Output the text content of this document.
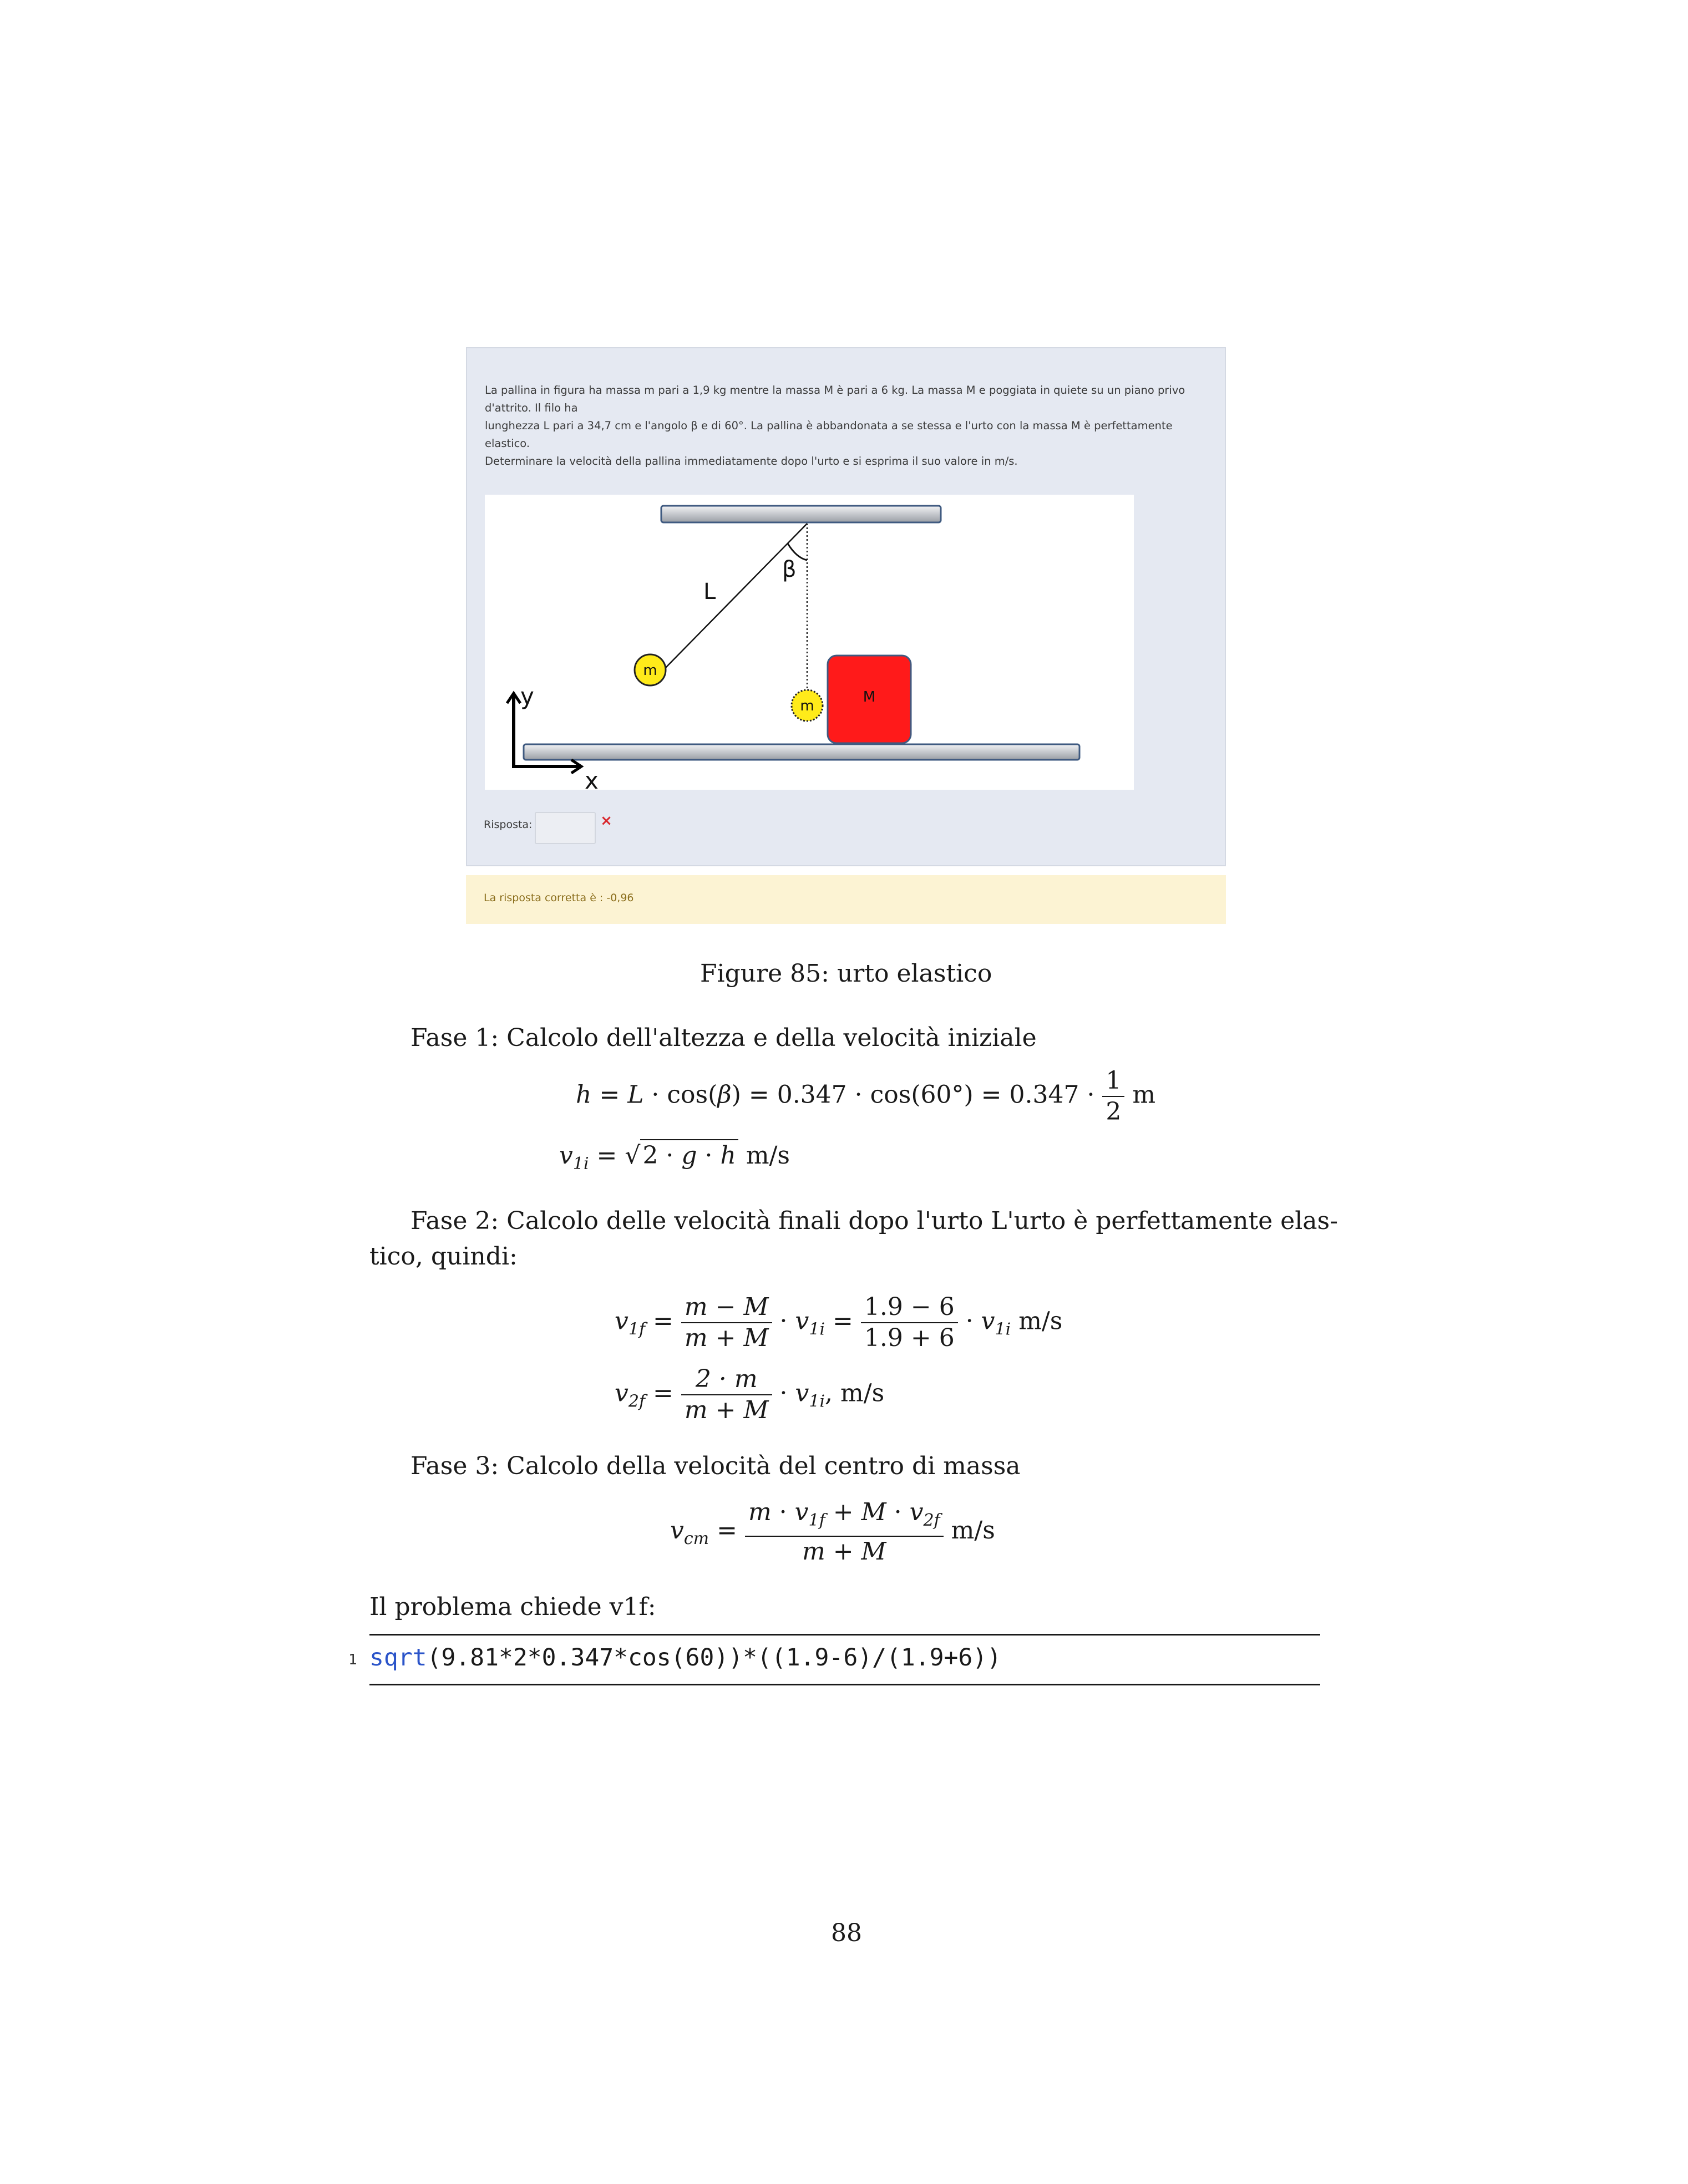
La pallina in figura ha massa m pari a 1,9 kg mentre la massa M è pari a 6 kg. La massa M e poggiata in quiete su un piano privo d'attrito. Il filo ha

lunghezza L pari a 34,7 cm e l'angolo β e di 60°. La pallina è abbandonata a se stessa e l'urto con la massa M è perfettamente elastico.

Determinare la velocità della pallina immediatamente dopo l'urto e si esprima il suo valore in m/s.

β
L
m
m
M
y
x
Risposta:	×
La risposta corretta è : -0,96
Figure 85: urto elastico
Fase 1: Calcolo dell'altezza e della velocità iniziale
$h = L \cdot \cos(\beta) = 0.347 \cdot \cos(60^\circ) = 0.347 \cdot \frac{1}{2}$ m
$v_{1i} = √2 \cdot g \cdot h$ m/s
Fase 2: Calcolo delle velocità finali dopo l'urto L'urto è perfettamente elas-
tico, quindi:
$v_{1f} = \frac{m - M}{m + M} \cdot v_{1i} = \frac{1.9 - 6}{1.9 + 6} \cdot v_{1i}$ m/s
$v_{2f} = \frac{2 \cdot m}{m + M} \cdot v_{1i}$, m/s
Fase 3: Calcolo della velocità del centro di massa
$v_{cm} = \frac{m \cdot v_{1f} + M \cdot v_{2f}}{m + M} m/s$
Il problema chiede v1f:
1 sqrt(9.81*2*0.347*cos(60))*((1.9-6)/(1.9+6))
88
